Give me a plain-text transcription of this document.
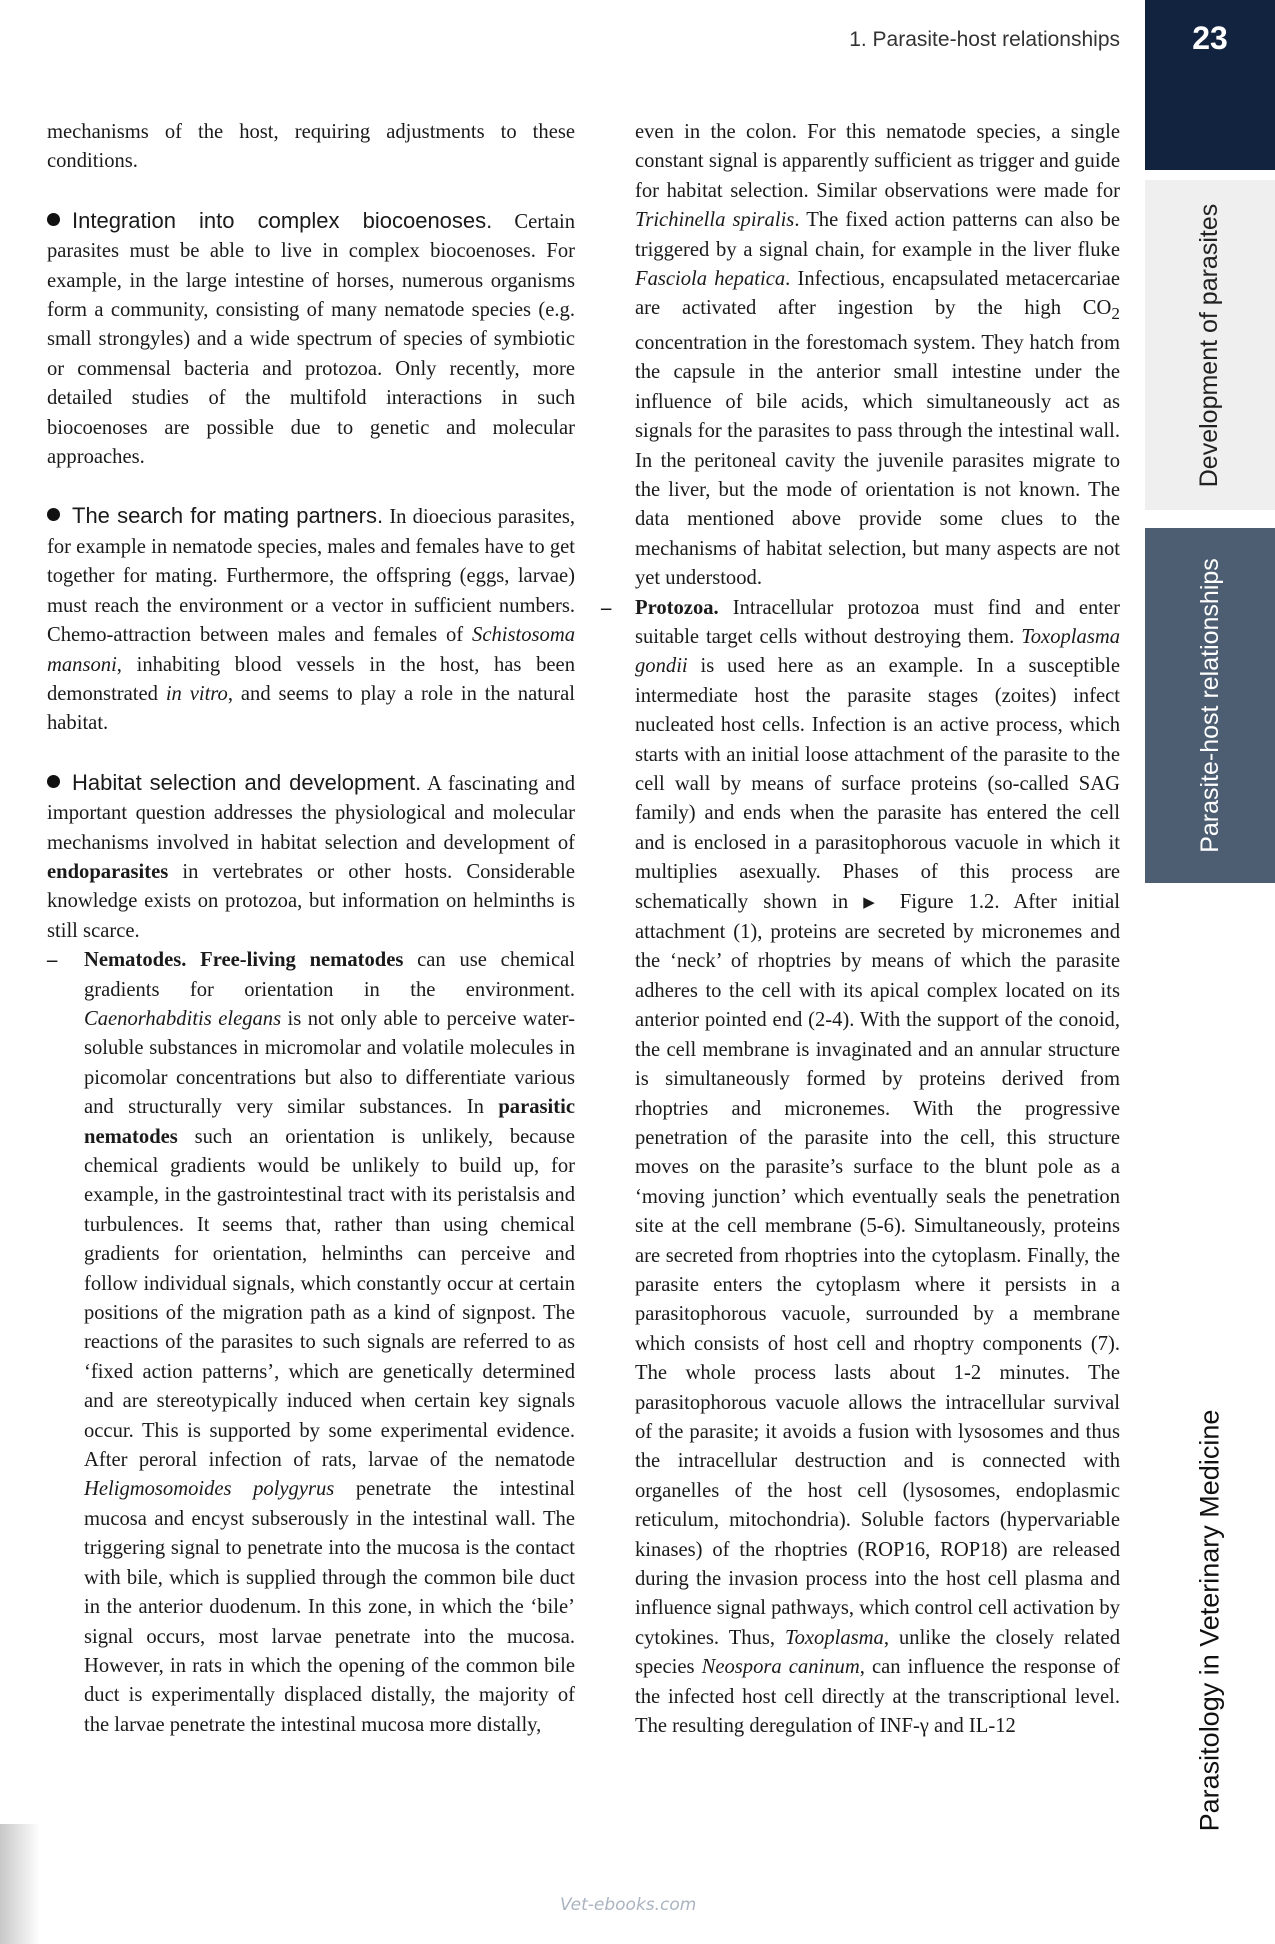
1. Parasite-host relationships	23
Development of parasites
Parasite-host relationships
Parasitology in Veterinary Medicine

mechanisms of the host, requiring adjustments to these conditions.

Integration into complex biocoenoses. Certain parasites must be able to live in complex biocoenoses. For example, in the large intestine of horses, numerous organisms form a community, consisting of many nematode species (e.g. small strongyles) and a wide spectrum of species of symbiotic or commensal bacteria and protozoa. Only recently, more detailed studies of the multifold interactions in such biocoenoses are possible due to genetic and molecular approaches.

The search for mating partners. In dioecious parasites, for example in nematode species, males and females have to get together for mating. Furthermore, the offspring (eggs, larvae) must reach the environment or a vector in sufficient numbers. Chemo-attraction between males and females of Schistosoma mansoni, inhabiting blood vessels in the host, has been demonstrated in vitro, and seems to play a role in the natural habitat.

Habitat selection and development. A fascinating and important question addresses the physiological and molecular mechanisms involved in habitat selection and development of endoparasites in vertebrates or other hosts. Considerable knowledge exists on protozoa, but information on helminths is still scarce.

– Nematodes. Free-living nematodes can use chemical gradients for orientation in the environment. Caenorhabditis elegans is not only able to perceive water-soluble substances in micromolar and volatile molecules in picomolar concentrations but also to differentiate various and structurally very similar substances. In parasitic nematodes such an orientation is unlikely, because chemical gradients would be unlikely to build up, for example, in the gastrointestinal tract with its peristalsis and turbulences. It seems that, rather than using chemical gradients for orientation, helminths can perceive and follow individual signals, which constantly occur at certain positions of the migration path as a kind of signpost. The reactions of the parasites to such signals are referred to as ‘fixed action patterns’, which are genetically determined and are stereotypically induced when certain key signals occur. This is supported by some experimental evidence. After peroral infection of rats, larvae of the nematode Heligmosomoides polygyrus penetrate the intestinal mucosa and encyst subserously in the intestinal wall. The triggering signal to penetrate into the mucosa is the contact with bile, which is supplied through the common bile duct in the anterior duodenum. In this zone, in which the ‘bile’ signal occurs, most larvae penetrate into the mucosa. However, in rats in which the opening of the common bile duct is experimentally displaced distally, the majority of the larvae penetrate the intestinal mucosa more distally,

even in the colon. For this nematode species, a single constant signal is apparently sufficient as trigger and guide for habitat selection. Similar observations were made for Trichinella spiralis. The fixed action patterns can also be triggered by a signal chain, for example in the liver fluke Fasciola hepatica. Infectious, encapsulated metacercariae are activated after ingestion by the high $CO_2$ concentration in the forestomach system. They hatch from the capsule in the anterior small intestine under the influence of bile acids, which simultaneously act as signals for the parasites to pass through the intestinal wall. In the peritoneal cavity the juvenile parasites migrate to the liver, but the mode of orientation is not known. The data mentioned above provide some clues to the mechanisms of habitat selection, but many aspects are not yet understood.

– Protozoa. Intracellular protozoa must find and enter suitable target cells without destroying them. Toxoplasma gondii is used here as an example. In a susceptible intermediate host the parasite stages (zoites) infect nucleated host cells. Infection is an active process, which starts with an initial loose attachment of the parasite to the cell wall by means of surface proteins (so-called SAG family) and ends when the parasite has entered the cell and is enclosed in a parasitophorous vacuole in which it multiplies asexually. Phases of this process are schematically shown in ▶ Figure 1.2. After initial attachment (1), proteins are secreted by micronemes and the ‘neck’ of rhoptries by means of which the parasite adheres to the cell with its apical complex located on its anterior pointed end (2-4). With the support of the conoid, the cell membrane is invaginated and an annular structure is simultaneously formed by proteins derived from rhoptries and micronemes. With the progressive penetration of the parasite into the cell, this structure moves on the parasite’s surface to the blunt pole as a ‘moving junction’ which eventually seals the penetration site at the cell membrane (5-6). Simultaneously, proteins are secreted from rhoptries into the cytoplasm. Finally, the parasite enters the cytoplasm where it persists in a parasitophorous vacuole, surrounded by a membrane which consists of host cell and rhoptry components (7). The whole process lasts about 1-2 minutes. The parasitophorous vacuole allows the intracellular survival of the parasite; it avoids a fusion with lysosomes and thus the intracellular destruction and is connected with organelles of the host cell (lysosomes, endoplasmic reticulum, mitochondria). Soluble factors (hypervariable kinases) of the rhoptries (ROP16, ROP18) are released during the invasion process into the host cell plasma and influence signal pathways, which control cell activation by cytokines. Thus, Toxoplasma, unlike the closely related species Neospora caninum, can influence the response of the infected host cell directly at the transcriptional level. The resulting deregulation of INF-γ and IL-12

Vet-ebooks.com
